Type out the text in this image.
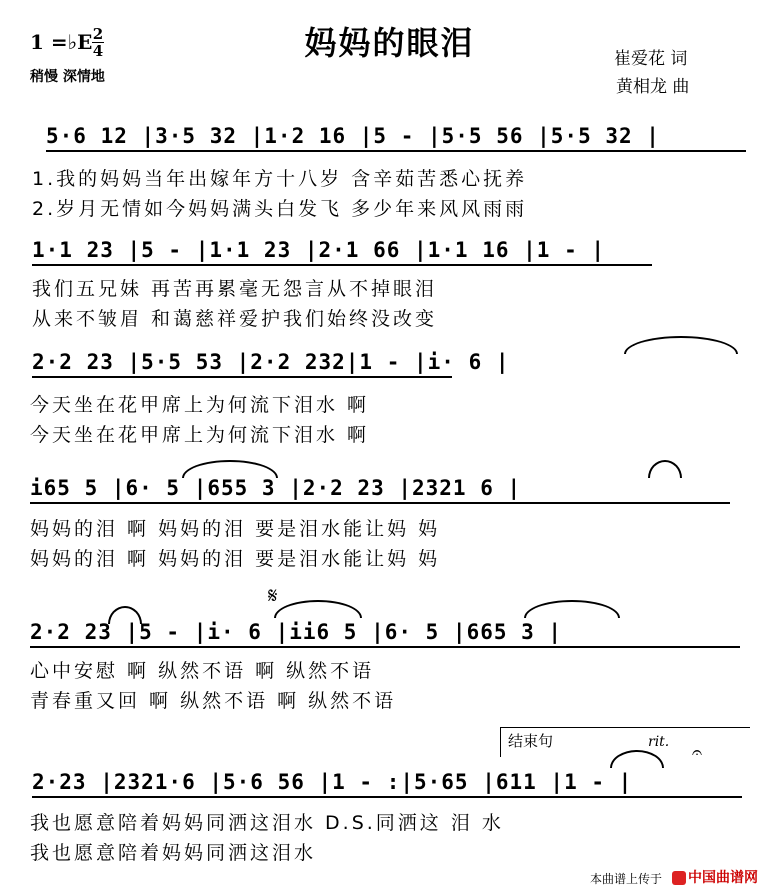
妈妈的眼泪
1 =♭E 2
4
稍慢 深情地
崔爱花 词
黄相龙 曲
5·6 12 |3·5 32 |1·2 16 |5 - |5·5 56 |5·5 32 |
1.我的妈妈当年出嫁年方十八岁 含辛茹苦悉心抚养
2.岁月无情如今妈妈满头白发飞 多少年来风风雨雨
1·1 23 |5 - |1·1 23 |2·1 66 |1·1 16 |1 - |
我们五兄妹 再苦再累毫无怨言从不掉眼泪
从来不皱眉 和蔼慈祥爱护我们始终没改变
2·2 23 |5·5 53 |2·2 232|1 - |i· 6 |
今天坐在花甲席上为何流下泪水 啊
今天坐在花甲席上为何流下泪水 啊
i65 5 |6· 5 |655 3 |2·2 23 |2321 6 |
妈妈的泪 啊 妈妈的泪 要是泪水能让妈 妈
妈妈的泪 啊 妈妈的泪 要是泪水能让妈 妈
𝄋
2·2 23 |5 - |i· 6 |ii6 5 |6· 5 |665 3 |
心中安慰 啊 纵然不语 啊 纵然不语
青春重又回 啊 纵然不语 啊 纵然不语
结束句	rit. 𝄐
2·23 |2321·6 |5·6 56 |1 - :|5·65 |611 |1 - |
我也愿意陪着妈妈同洒这泪水 D.S.同洒这 泪 水
我也愿意陪着妈妈同洒这泪水
本曲谱上传于	中国曲谱网
